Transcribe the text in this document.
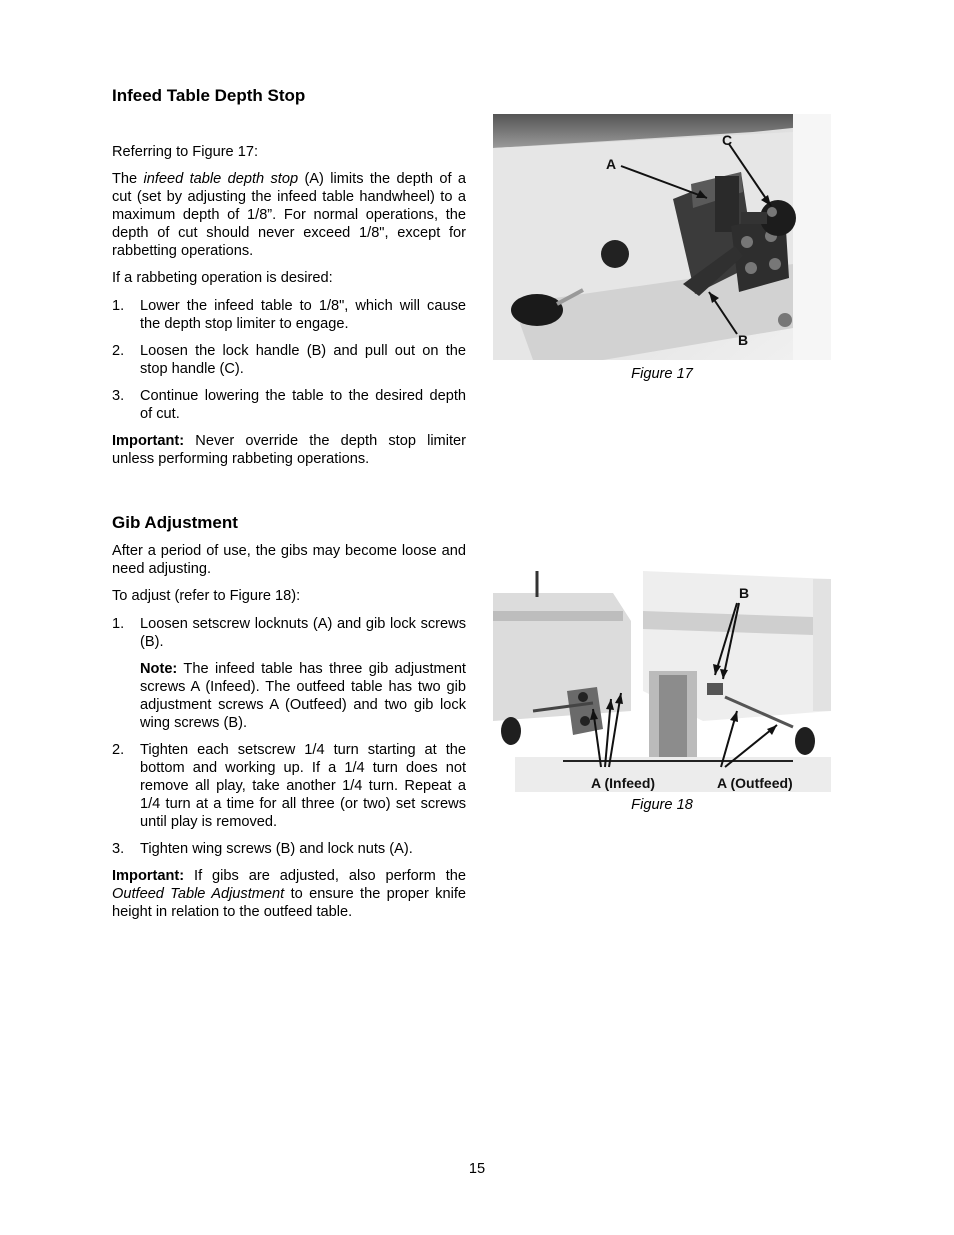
Infeed Table Depth Stop

Referring to Figure 17:

The infeed table depth stop (A) limits the depth of a cut (set by adjusting the infeed table handwheel) to a maximum depth of 1/8”. For normal operations, the depth of cut should never exceed 1/8", except for rabbetting operations.

If a rabbeting operation is desired:

1. Lower the infeed table to 1/8", which will cause the depth stop limiter to engage.
2. Loosen the lock handle (B) and pull out on the stop handle (C).
3. Continue lowering the table to the desired depth of cut.

Important: Never override the depth stop limiter unless performing rabbeting operations.

A
C
B
Figure 17
Gib Adjustment

After a period of use, the gibs may become loose and need adjusting.

To adjust (refer to Figure 18):

1. Loosen setscrew locknuts (A) and gib lock screws (B).
Note: The infeed table has three gib adjustment screws A (Infeed). The outfeed table has two gib adjustment screws A (Outfeed) and two gib lock wing screws (B).
2. Tighten each setscrew 1/4 turn starting at the bottom and working up. If a 1/4 turn does not remove all play, take another 1/4 turn. Repeat a 1/4 turn at a time for all three (or two) set screws until play is removed.
3. Tighten wing screws (B) and lock nuts (A).

Important: If gibs are adjusted, also perform the Outfeed Table Adjustment to ensure the proper knife height in relation to the outfeed table.

B
A (Infeed)	A (Outfeed)
Figure 18
15
